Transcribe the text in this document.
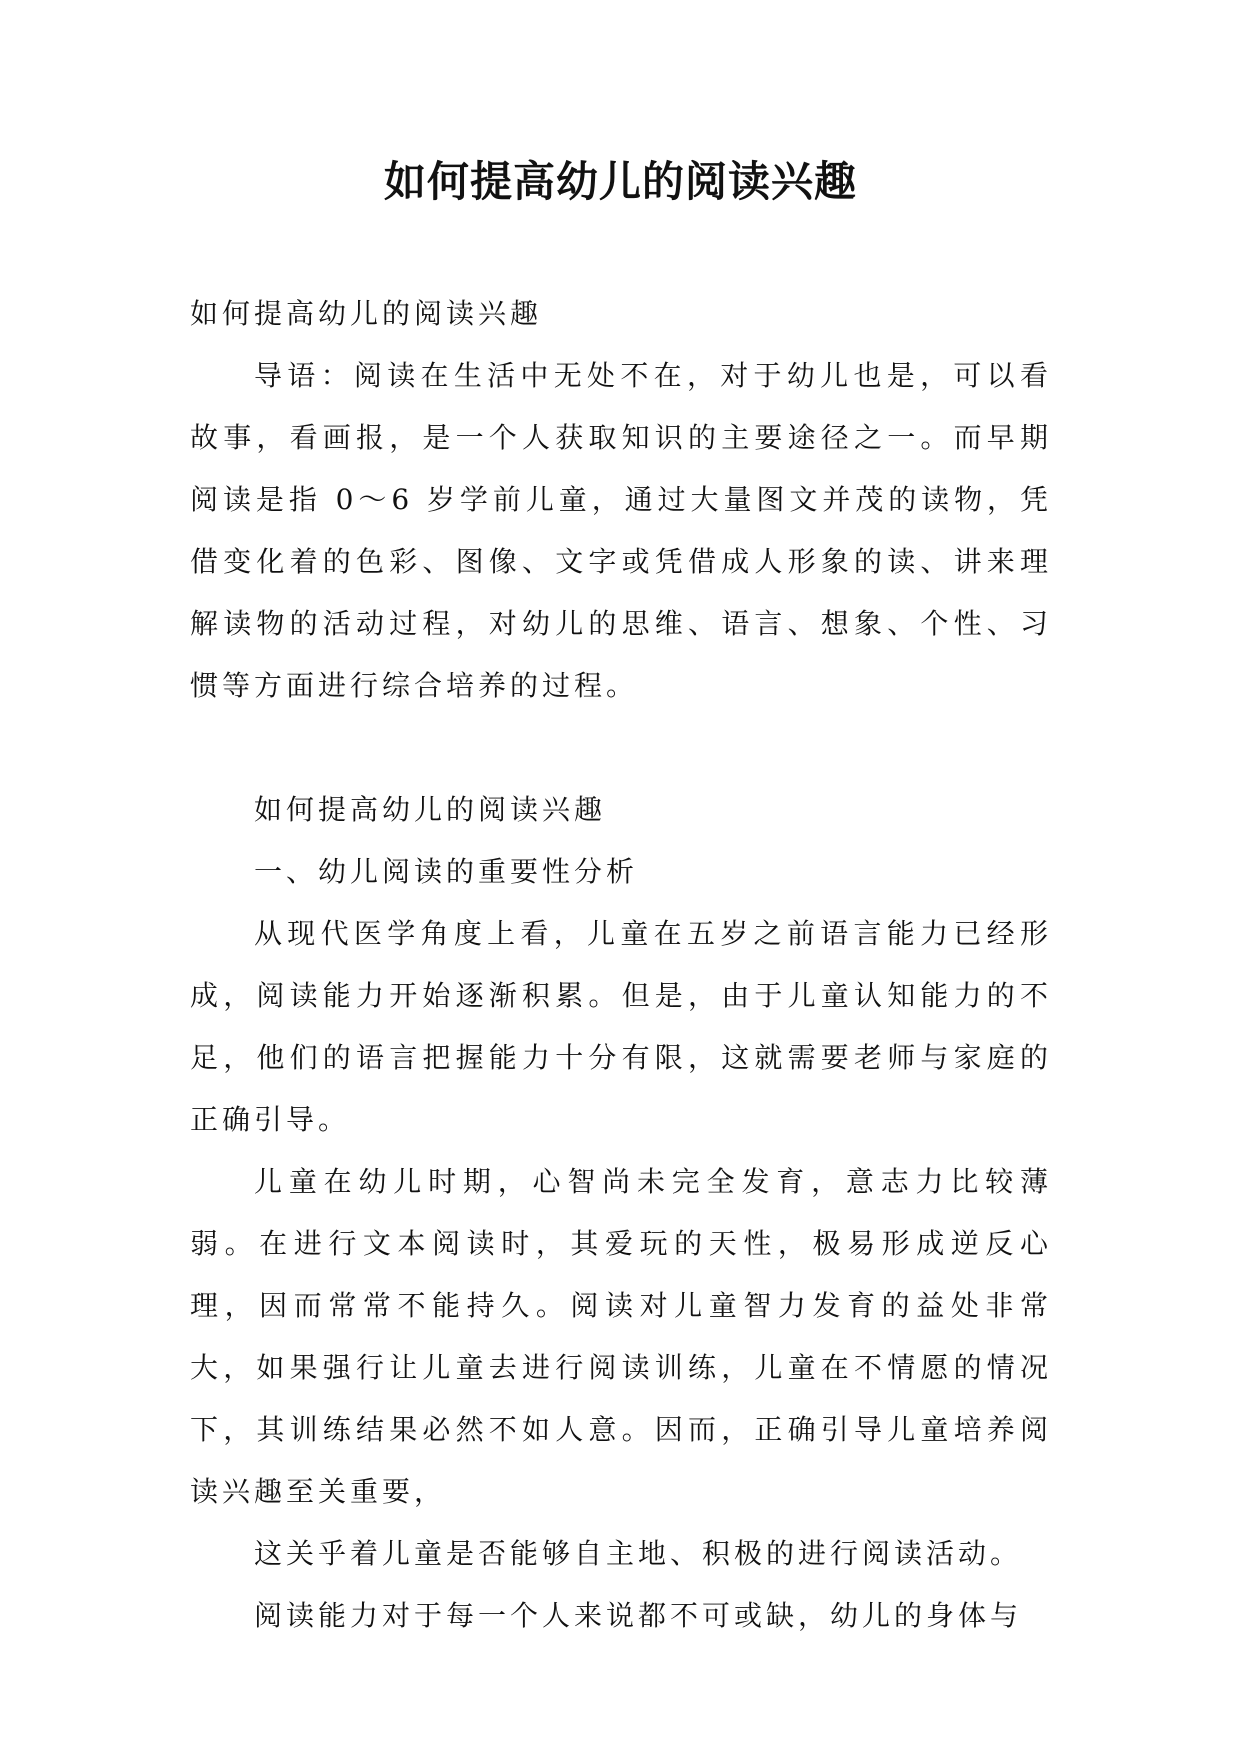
如何提高幼儿的阅读兴趣

如何提高幼儿的阅读兴趣

导语：阅读在生活中无处不在，对于幼儿也是，可以看故事，看画报，是一个人获取知识的主要途径之一。而早期阅读是指 0～6 岁学前儿童，通过大量图文并茂的读物，凭借变化着的色彩、图像、文字或凭借成人形象的读、讲来理解读物的活动过程，对幼儿的思维、语言、想象、个性、习惯等方面进行综合培养的过程。

如何提高幼儿的阅读兴趣

一、幼儿阅读的重要性分析

从现代医学角度上看，儿童在五岁之前语言能力已经形成，阅读能力开始逐渐积累。但是，由于儿童认知能力的不足，他们的语言把握能力十分有限，这就需要老师与家庭的正确引导。

儿童在幼儿时期，心智尚未完全发育，意志力比较薄弱。在进行文本阅读时，其爱玩的天性，极易形成逆反心理，因而常常不能持久。阅读对儿童智力发育的益处非常大，如果强行让儿童去进行阅读训练，儿童在不情愿的情况下，其训练结果必然不如人意。因而，正确引导儿童培养阅读兴趣至关重要，

这关乎着儿童是否能够自主地、积极的进行阅读活动。

阅读能力对于每一个人来说都不可或缺，幼儿的身体与
